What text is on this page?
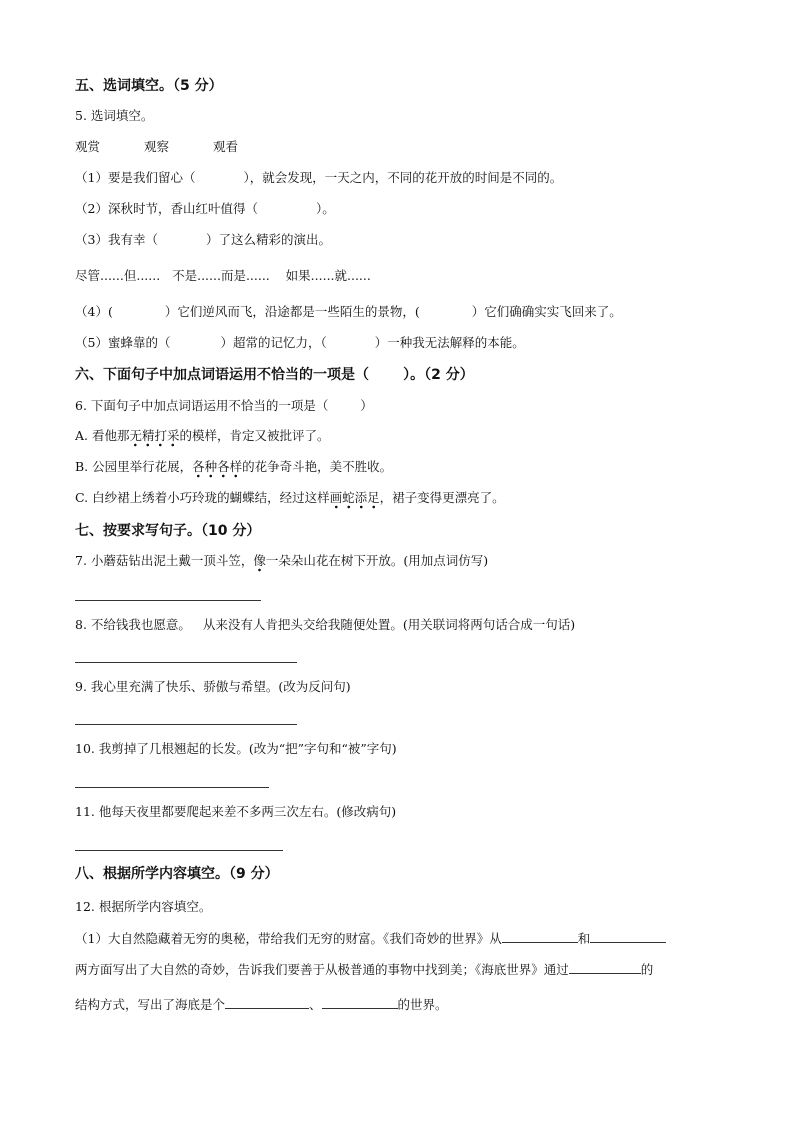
五、选词填空。（5 分）
5. 选词填空。
观赏	观察	观看
（1）要是我们留心（	），就会发现，一天之内，不同的花开放的时间是不同的。
（2）深秋时节，香山红叶值得（	）。
（3）我有幸（	）了这么精彩的演出。
尽管......但......   不是......而是......    如果......就......
（4）(	）它们逆风而飞，沿途都是一些陌生的景物，(	）它们确确实实飞回来了。
（5）蜜蜂靠的（	）超常的记忆力，（	）一种我无法解释的本能。
六、下面句子中加点词语运用不恰当的一项是（       ）。（2 分）
6. 下面句子中加点词语运用不恰当的一项是（        ）
A. 看他那无精打采的模样，肯定又被批评了。
B. 公园里举行花展，各种各样的花争奇斗艳，美不胜收。
C. 白纱裙上绣着小巧玲珑的蝴蝶结，经过这样画蛇添足，裙子变得更漂亮了。
七、按要求写句子。（10 分）
7. 小蘑菇钻出泥土戴一顶斗笠，像一朵朵山花在树下开放。(用加点词仿写)
8. 不给钱我也愿意。   从来没有人肯把头交给我随便处置。(用关联词将两句话合成一句话)
9. 我心里充满了快乐、骄傲与希望。(改为反问句)
10. 我剪掉了几根翘起的长发。(改为“把”字句和“被”字句)
11. 他每天夜里都要爬起来差不多两三次左右。(修改病句)
八、根据所学内容填空。（9 分）
12. 根据所学内容填空。
（1）大自然隐藏着无穷的奥秘，带给我们无穷的财富。《我们奇妙的世界》从	和
两方面写出了大自然的奇妙，告诉我们要善于从极普通的事物中找到美；《海底世界》通过	的
结构方式，写出了海底是个	、	的世界。
